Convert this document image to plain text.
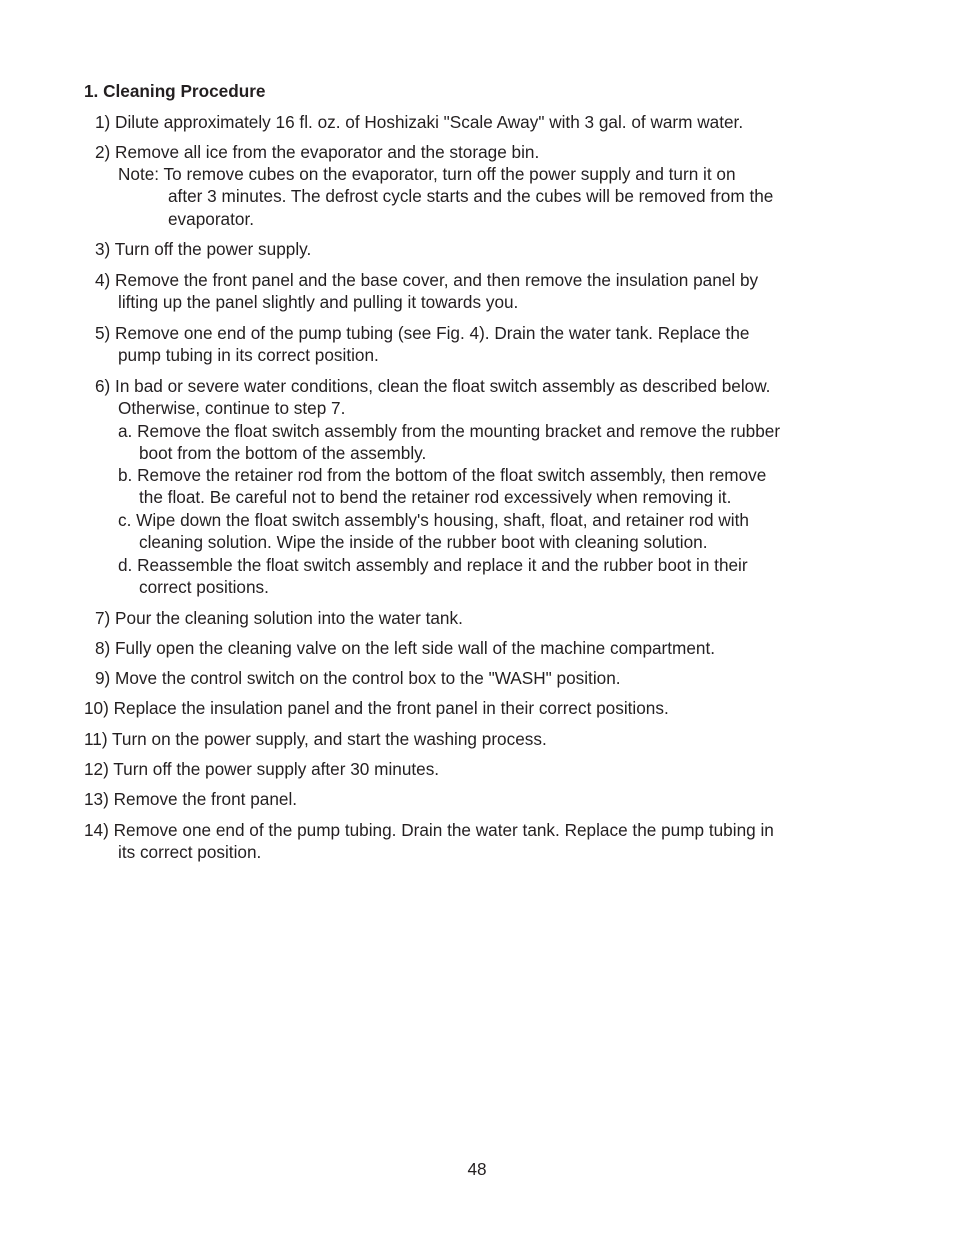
1. Cleaning Procedure
1) Dilute approximately 16 fl. oz. of Hoshizaki "Scale Away" with 3 gal. of warm water.
2) Remove all ice from the evaporator and the storage bin.
Note: To remove cubes on the evaporator, turn off the power supply and turn it on
after 3 minutes. The defrost cycle starts and the cubes will be removed from the
evaporator.
3) Turn off the power supply.
4) Remove the front panel and the base cover, and then remove the insulation panel by
lifting up the panel slightly and pulling it towards you.
5) Remove one end of the pump tubing (see Fig. 4). Drain the water tank. Replace the
pump tubing in its correct position.
6) In bad or severe water conditions, clean the float switch assembly as described below.
Otherwise, continue to step 7.
a. Remove the float switch assembly from the mounting bracket and remove the rubber
boot from the bottom of the assembly.
b. Remove the retainer rod from the bottom of the float switch assembly, then remove
the float. Be careful not to bend the retainer rod excessively when removing it.
c. Wipe down the float switch assembly's housing, shaft, float, and retainer rod with
cleaning solution. Wipe the inside of the rubber boot with cleaning solution.
d. Reassemble the float switch assembly and replace it and the rubber boot in their
correct positions.
7) Pour the cleaning solution into the water tank.
8) Fully open the cleaning valve on the left side wall of the machine compartment.
9) Move the control switch on the control box to the "WASH" position.
10) Replace the insulation panel and the front panel in their correct positions.
11) Turn on the power supply, and start the washing process.
12) Turn off the power supply after 30 minutes.
13) Remove the front panel.
14) Remove one end of the pump tubing. Drain the water tank. Replace the pump tubing in
its correct position.
48
